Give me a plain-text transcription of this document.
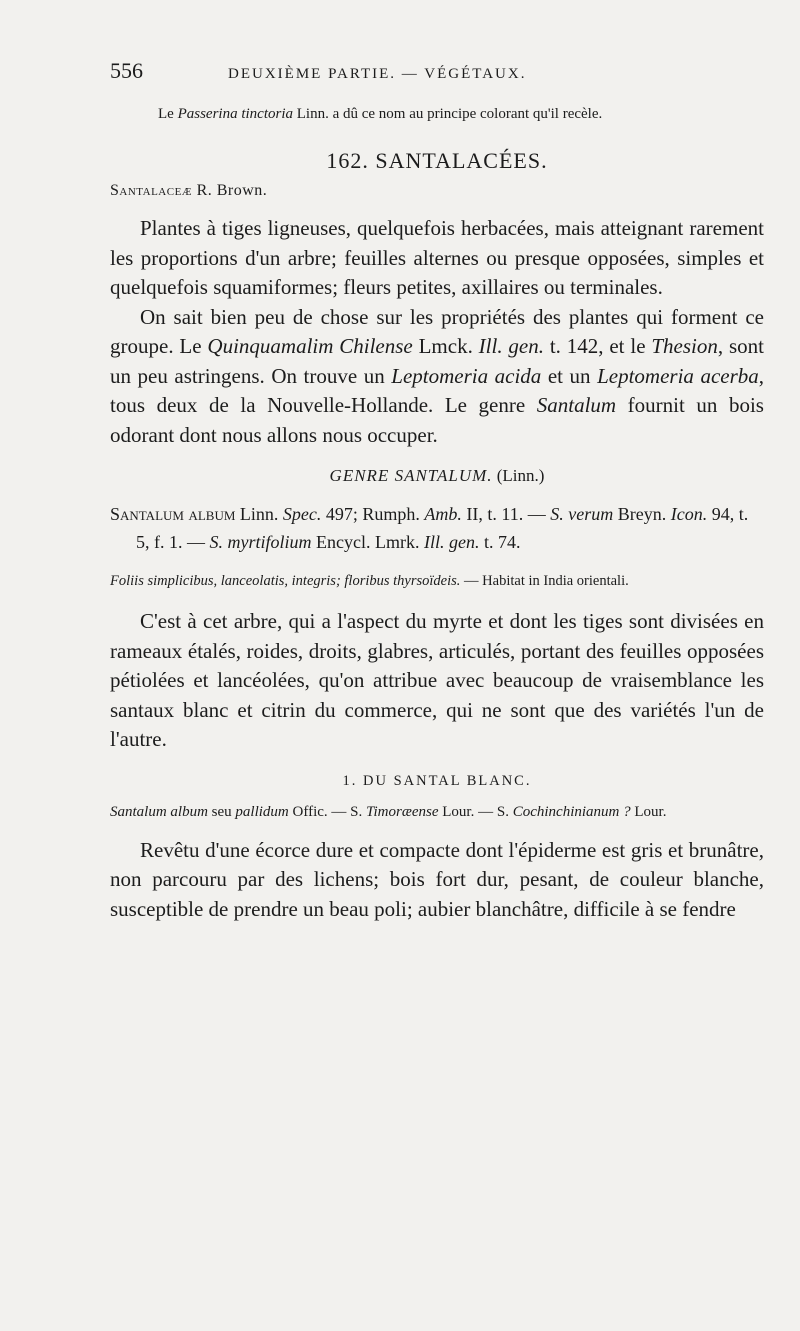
556	DEUXIÈME PARTIE. — VÉGÉTAUX.

Le Passerina tinctoria Linn. a dû ce nom au principe colorant qu'il recèle.

162. SANTALACÉES.
Santalaceæ R. Brown.

Plantes à tiges ligneuses, quelquefois herbacées, mais atteignant rarement les proportions d'un arbre; feuilles alternes ou presque opposées, simples et quelquefois squamiformes; fleurs petites, axillaires ou terminales.

On sait bien peu de chose sur les propriétés des plantes qui forment ce groupe. Le Quinquamalim Chilense Lmck. Ill. gen. t. 142, et le Thesion, sont un peu astringens. On trouve un Leptomeria acida et un Leptomeria acerba, tous deux de la Nouvelle-Hollande. Le genre Santalum fournit un bois odorant dont nous allons nous occuper.

GENRE SANTALUM. (Linn.)

Santalum album Linn. Spec. 497; Rumph. Amb. II, t. 11. — S. verum Breyn. Icon. 94, t. 5, f. 1. — S. myrtifolium Encycl. Lmrk. Ill. gen. t. 74.

Foliis simplicibus, lanceolatis, integris; floribus thyrsoïdeis. — Habitat in India orientali.

C'est à cet arbre, qui a l'aspect du myrte et dont les tiges sont divisées en rameaux étalés, roides, droits, glabres, articulés, portant des feuilles opposées pétiolées et lancéolées, qu'on attribue avec beaucoup de vraisemblance les santaux blanc et citrin du commerce, qui ne sont que des variétés l'un de l'autre.

1. DU SANTAL BLANC.

Santalum album seu pallidum Offic. — S. Timoræense Lour. — S. Cochinchinianum ? Lour.

Revêtu d'une écorce dure et compacte dont l'épiderme est gris et brunâtre, non parcouru par des lichens; bois fort dur, pesant, de couleur blanche, susceptible de prendre un beau poli; aubier blanchâtre, difficile à se fendre
